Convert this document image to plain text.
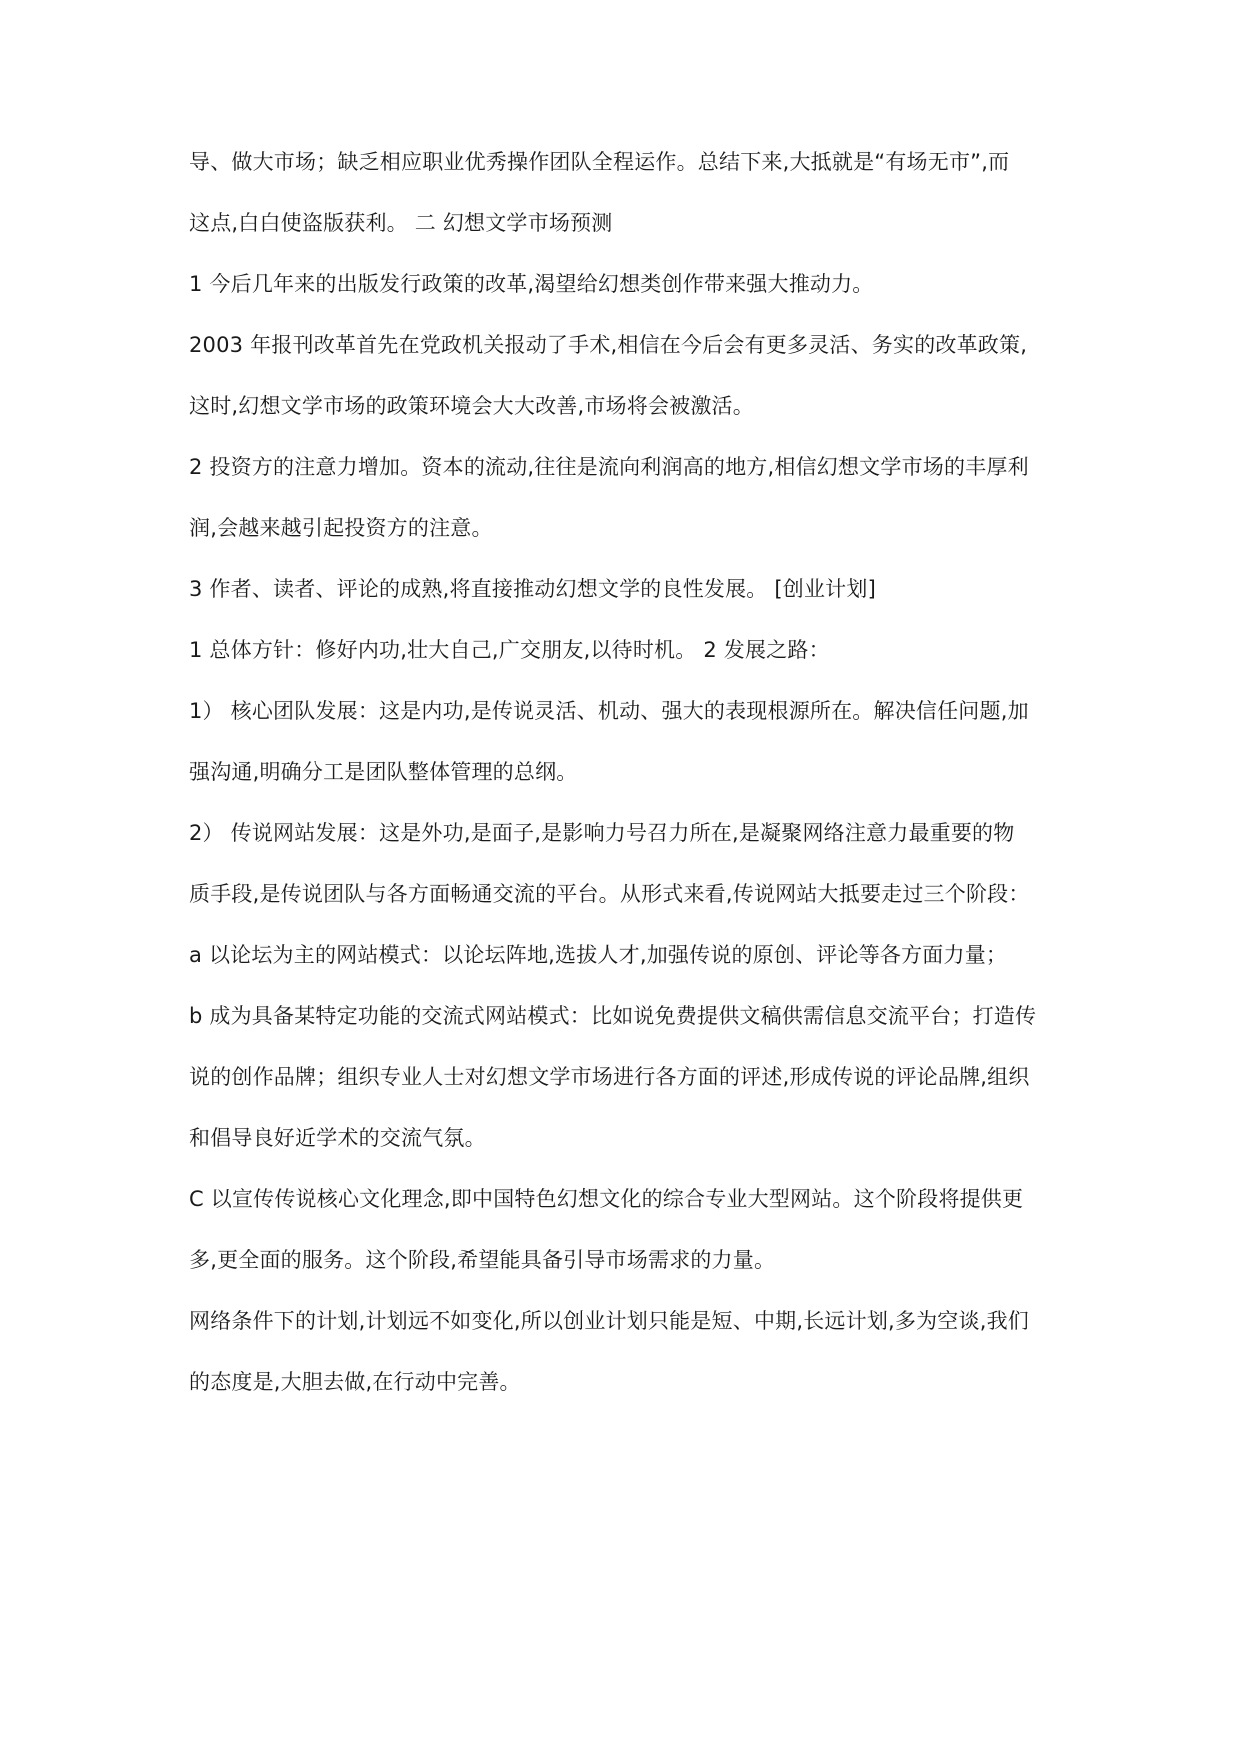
导、做大市场；缺乏相应职业优秀操作团队全程运作。总结下来,大抵就是“有场无市”,而
这点,白白使盗版获利。 二 幻想文学市场预测
1 今后几年来的出版发行政策的改革,渴望给幻想类创作带来强大推动力。
2003 年报刊改革首先在党政机关报动了手术,相信在今后会有更多灵活、务实的改革政策,
这时,幻想文学市场的政策环境会大大改善,市场将会被激活。
2 投资方的注意力增加。资本的流动,往往是流向利润高的地方,相信幻想文学市场的丰厚利
润,会越来越引起投资方的注意。
3 作者、读者、评论的成熟,将直接推动幻想文学的良性发展。 [创业计划]
1 总体方针：修好内功,壮大自己,广交朋友,以待时机。 2 发展之路：
1） 核心团队发展：这是内功,是传说灵活、机动、强大的表现根源所在。解决信任问题,加
强沟通,明确分工是团队整体管理的总纲。
2） 传说网站发展：这是外功,是面子,是影响力号召力所在,是凝聚网络注意力最重要的物
质手段,是传说团队与各方面畅通交流的平台。从形式来看,传说网站大抵要走过三个阶段：
a 以论坛为主的网站模式：以论坛阵地,选拔人才,加强传说的原创、评论等各方面力量；
b 成为具备某特定功能的交流式网站模式：比如说免费提供文稿供需信息交流平台；打造传
说的创作品牌；组织专业人士对幻想文学市场进行各方面的评述,形成传说的评论品牌,组织
和倡导良好近学术的交流气氛。
C 以宣传传说核心文化理念,即中国特色幻想文化的综合专业大型网站。这个阶段将提供更
多,更全面的服务。这个阶段,希望能具备引导市场需求的力量。
网络条件下的计划,计划远不如变化,所以创业计划只能是短、中期,长远计划,多为空谈,我们
的态度是,大胆去做,在行动中完善。
